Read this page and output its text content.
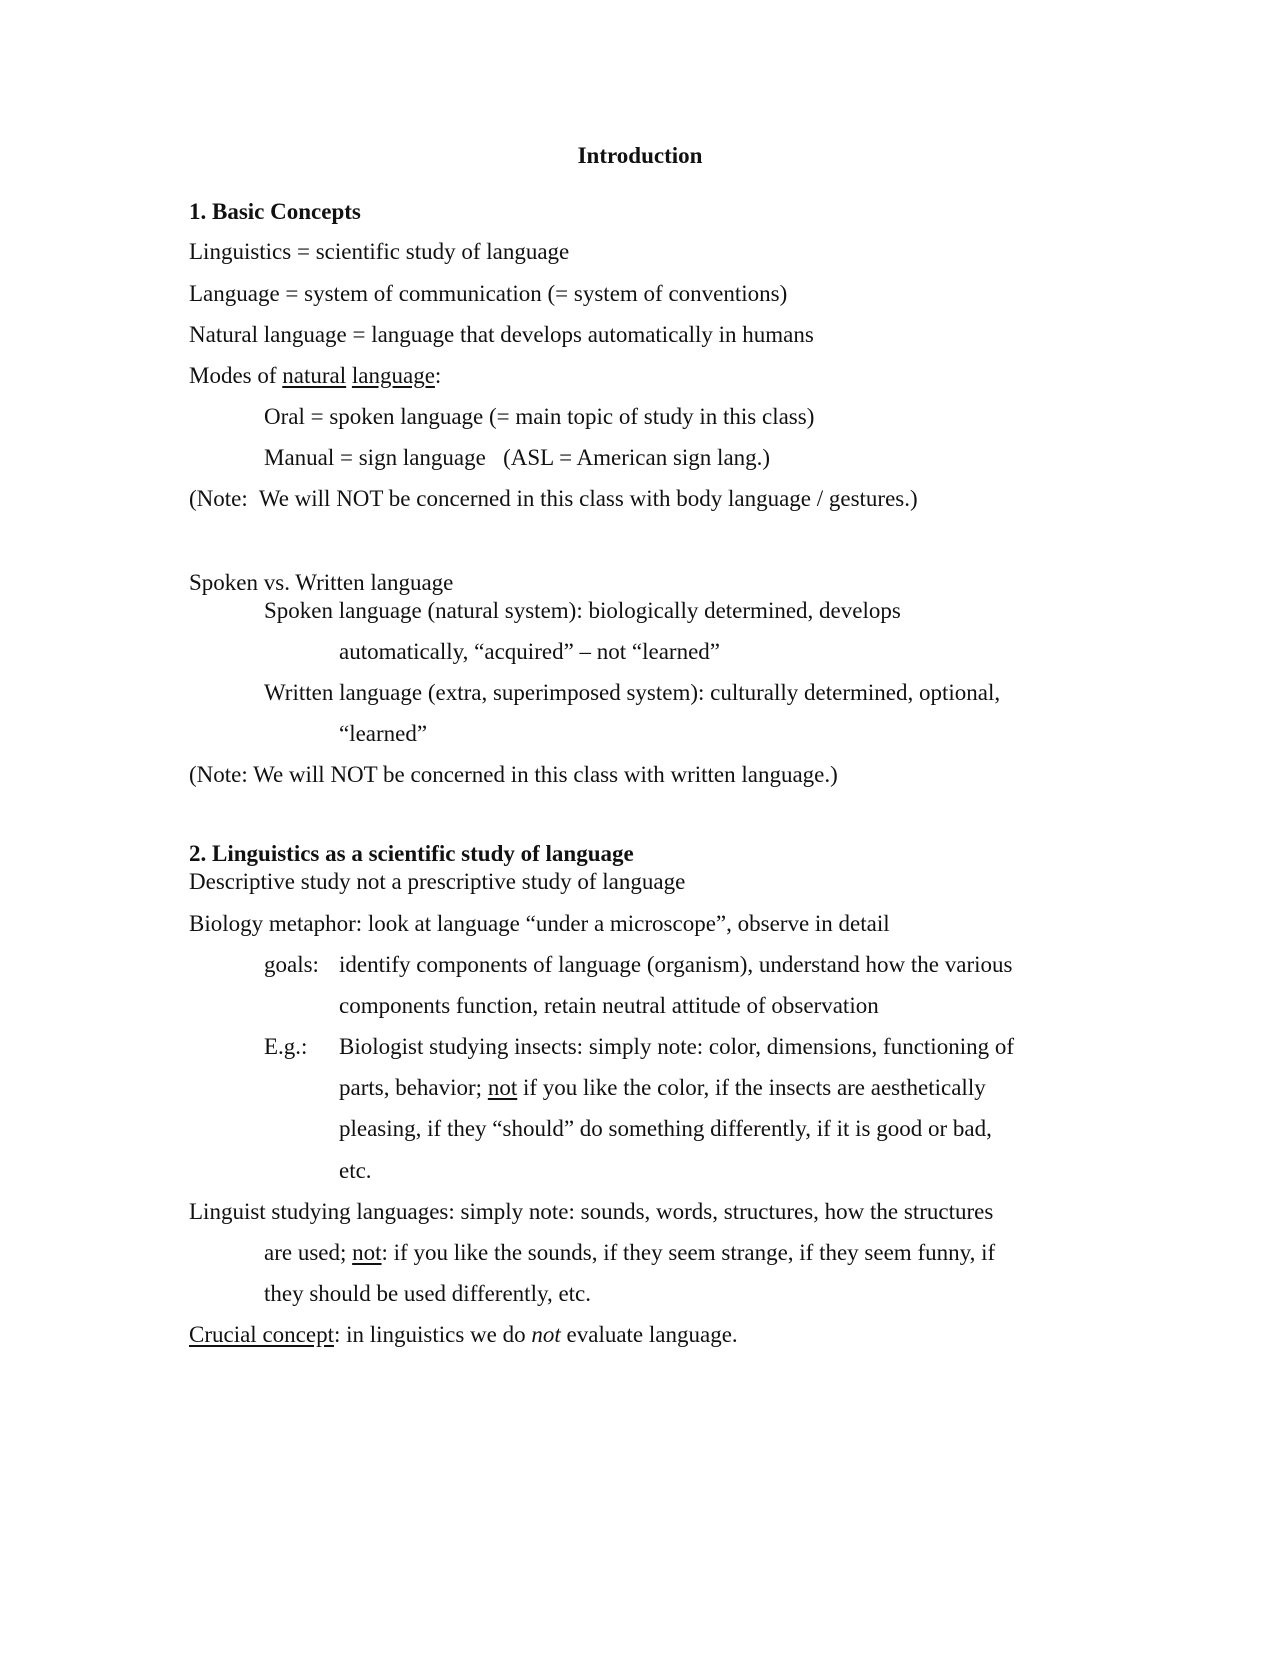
Introduction
1. Basic Concepts
Linguistics = scientific study of language
Language = system of communication (= system of conventions)
Natural language = language that develops automatically in humans
Modes of natural language:
Oral = spoken language (= main topic of study in this class)
Manual = sign language   (ASL = American sign lang.)
(Note:  We will NOT be concerned in this class with body language / gestures.)
Spoken vs. Written language
Spoken language (natural system): biologically determined, develops
automatically, “acquired” – not “learned”
Written language (extra, superimposed system): culturally determined, optional,
“learned”
(Note: We will NOT be concerned in this class with written language.)
2. Linguistics as a scientific study of language
Descriptive study not a prescriptive study of language
Biology metaphor: look at language “under a microscope”, observe in detail
goals: identify components of language (organism), understand how the various
components function, retain neutral attitude of observation
E.g.: Biologist studying insects: simply note: color, dimensions, functioning of
parts, behavior; not if you like the color, if the insects are aesthetically
pleasing, if they “should” do something differently, if it is good or bad,
etc.
Linguist studying languages: simply note: sounds, words, structures, how the structures
are used; not: if you like the sounds, if they seem strange, if they seem funny, if
they should be used differently, etc.
Crucial concept: in linguistics we do not evaluate language.
